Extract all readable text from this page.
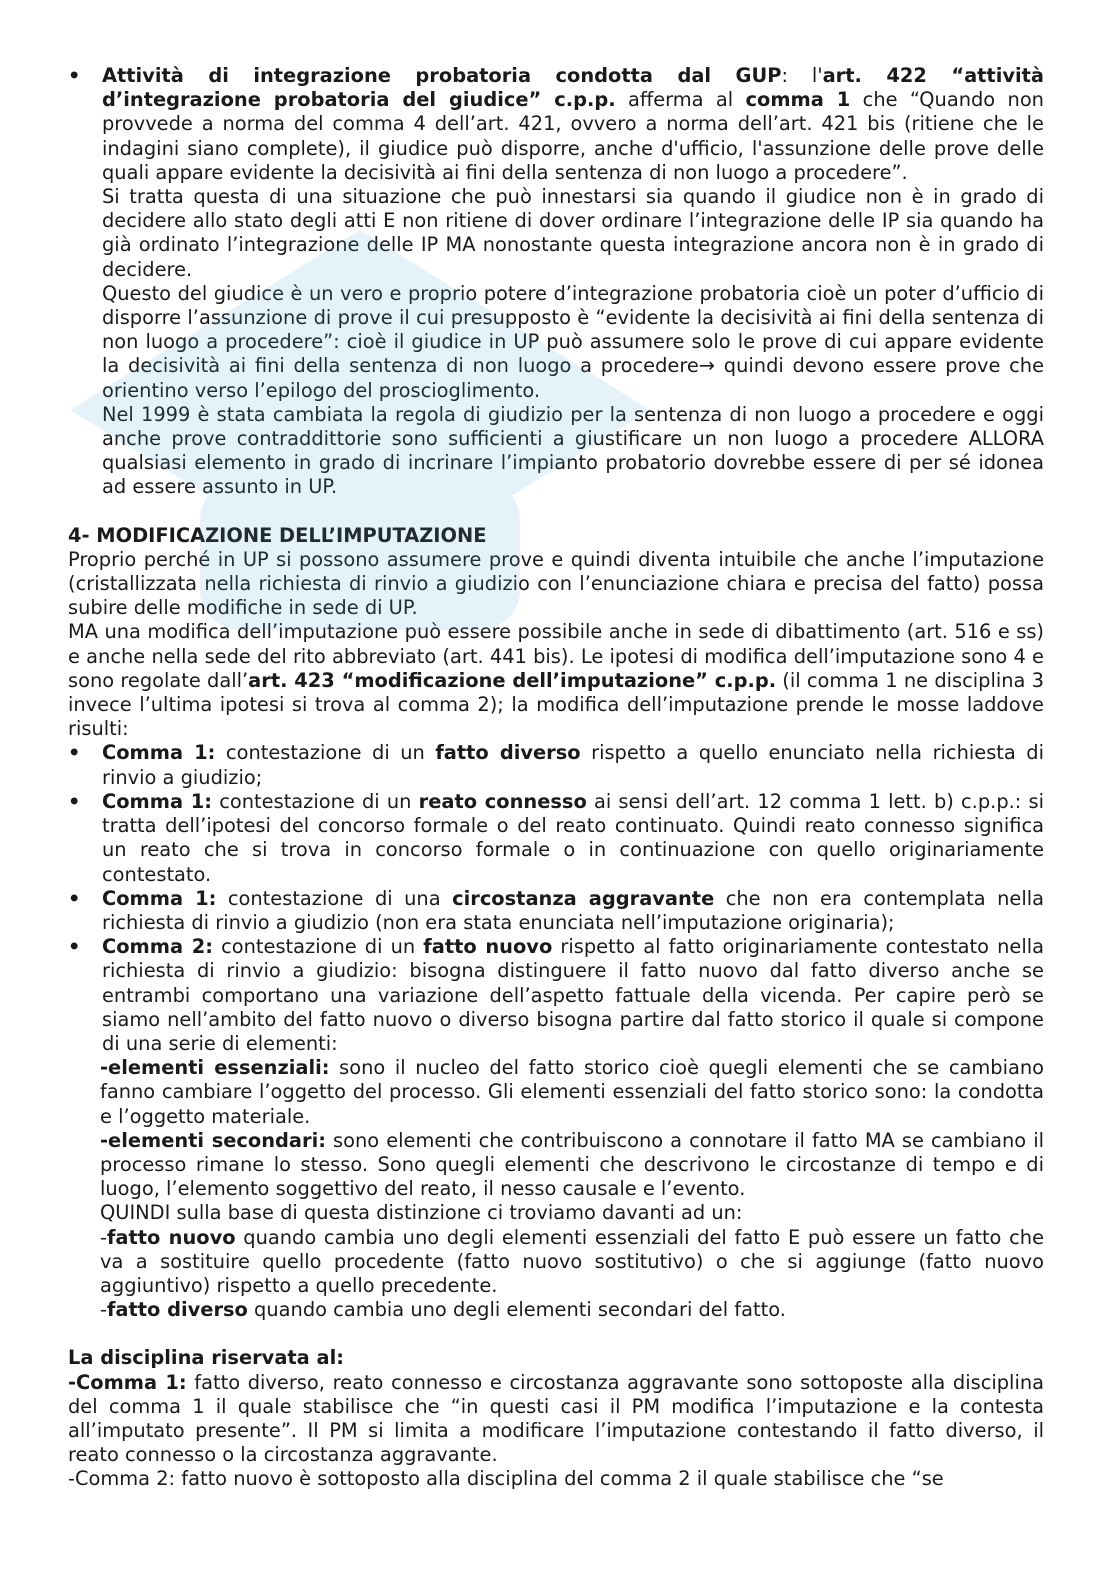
• Attività di integrazione probatoria condotta dal GUP: l'art. 422 “attività d’integrazione probatoria del giudice” c.p.p. afferma al comma 1 che “Quando non provvede a norma del comma 4 dell’art. 421, ovvero a norma dell’art. 421 bis (ritiene che le indagini siano complete), il giudice può disporre, anche d'ufficio, l'assunzione delle prove delle quali appare evidente la decisività ai fini della sentenza di non luogo a procedere”.
Si tratta questa di una situazione che può innestarsi sia quando il giudice non è in grado di decidere allo stato degli atti E non ritiene di dover ordinare l’integrazione delle IP sia quando ha già ordinato l’integrazione delle IP MA nonostante questa integrazione ancora non è in grado di decidere.
Questo del giudice è un vero e proprio potere d’integrazione probatoria cioè un poter d’ufficio di disporre l’assunzione di prove il cui presupposto è “evidente la decisività ai fini della sentenza di non luogo a procedere”: cioè il giudice in UP può assumere solo le prove di cui appare evidente la decisività ai fini della sentenza di non luogo a procedere→ quindi devono essere prove che orientino verso l’epilogo del proscioglimento.
Nel 1999 è stata cambiata la regola di giudizio per la sentenza di non luogo a procedere e oggi anche prove contraddittorie sono sufficienti a giustificare un non luogo a procedere ALLORA qualsiasi elemento in grado di incrinare l’impianto probatorio dovrebbe essere di per sé idonea ad essere assunto in UP.
4- MODIFICAZIONE DELL’IMPUTAZIONE

Proprio perché in UP si possono assumere prove e quindi diventa intuibile che anche l’imputazione (cristallizzata nella richiesta di rinvio a giudizio con l’enunciazione chiara e precisa del fatto) possa subire delle modifiche in sede di UP.

MA una modifica dell’imputazione può essere possibile anche in sede di dibattimento (art. 516 e ss) e anche nella sede del rito abbreviato (art. 441 bis). Le ipotesi di modifica dell’imputazione sono 4 e sono regolate dall’art. 423 “modificazione dell’imputazione” c.p.p. (il comma 1 ne disciplina 3 invece l’ultima ipotesi si trova al comma 2); la modifica dell’imputazione prende le mosse laddove risulti:

• Comma 1: contestazione di un fatto diverso rispetto a quello enunciato nella richiesta di rinvio a giudizio;
• Comma 1: contestazione di un reato connesso ai sensi dell’art. 12 comma 1 lett. b) c.p.p.: si tratta dell’ipotesi del concorso formale o del reato continuato. Quindi reato connesso significa un reato che si trova in concorso formale o in continuazione con quello originariamente contestato.
• Comma 1: contestazione di una circostanza aggravante che non era contemplata nella richiesta di rinvio a giudizio (non era stata enunciata nell’imputazione originaria);
• Comma 2: contestazione di un fatto nuovo rispetto al fatto originariamente contestato nella richiesta di rinvio a giudizio: bisogna distinguere il fatto nuovo dal fatto diverso anche se entrambi comportano una variazione dell’aspetto fattuale della vicenda. Per capire però se siamo nell’ambito del fatto nuovo o diverso bisogna partire dal fatto storico il quale si compone di una serie di elementi:
-elementi essenziali: sono il nucleo del fatto storico cioè quegli elementi che se cambiano fanno cambiare l’oggetto del processo. Gli elementi essenziali del fatto storico sono: la condotta e l’oggetto materiale.
-elementi secondari: sono elementi che contribuiscono a connotare il fatto MA se cambiano il processo rimane lo stesso. Sono quegli elementi che descrivono le circostanze di tempo e di luogo, l’elemento soggettivo del reato, il nesso causale e l’evento.
QUINDI sulla base di questa distinzione ci troviamo davanti ad un:
-fatto nuovo quando cambia uno degli elementi essenziali del fatto E può essere un fatto che va a sostituire quello procedente (fatto nuovo sostitutivo) o che si aggiunge (fatto nuovo aggiuntivo) rispetto a quello precedente.
-fatto diverso quando cambia uno degli elementi secondari del fatto.
La disciplina riservata al:

-Comma 1: fatto diverso, reato connesso e circostanza aggravante sono sottoposte alla disciplina del comma 1 il quale stabilisce che “in questi casi il PM modifica l’imputazione e la contesta all’imputato presente”. Il PM si limita a modificare l’imputazione contestando il fatto diverso, il reato connesso o la circostanza aggravante.

-Comma 2: fatto nuovo è sottoposto alla disciplina del comma 2 il quale stabilisce che “se
